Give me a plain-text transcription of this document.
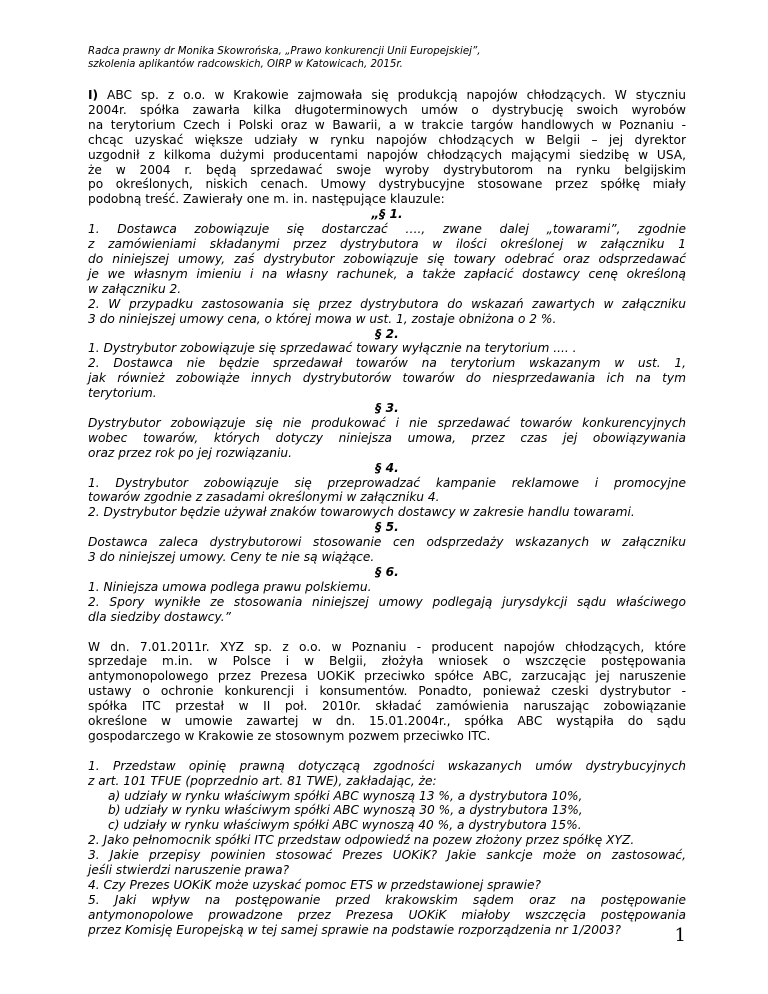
Radca prawny dr Monika Skowrońska, „Prawo konkurencji Unii Europejskiej”,
szkolenia aplikantów radcowskich, OIRP w Katowicach, 2015r.
I) ABC sp. z o.o. w Krakowie zajmowała się produkcją napojów chłodzących. W styczniu
2004r. spółka zawarła kilka długoterminowych umów o dystrybucję swoich wyrobów
na terytorium Czech i Polski oraz w Bawarii, a w trakcie targów handlowych w Poznaniu -
chcąc uzyskać większe udziały w rynku napojów chłodzących w Belgii – jej dyrektor
uzgodnił z kilkoma dużymi producentami napojów chłodzących mającymi siedzibę w USA,
że w 2004 r. będą sprzedawać swoje wyroby dystrybutorom na rynku belgijskim
po określonych, niskich cenach. Umowy dystrybucyjne stosowane przez spółkę miały
podobną treść. Zawierały one m. in. następujące klauzule:
„§ 1.
1. Dostawca zobowiązuje się dostarczać …., zwane dalej „towarami”, zgodnie
z zamówieniami składanymi przez dystrybutora w ilości określonej w załączniku 1
do niniejszej umowy, zaś dystrybutor zobowiązuje się towary odebrać oraz odsprzedawać
je we własnym imieniu i na własny rachunek, a także zapłacić dostawcy cenę określoną
w załączniku 2.
2. W przypadku zastosowania się przez dystrybutora do wskazań zawartych w załączniku
3 do niniejszej umowy cena, o której mowa w ust. 1, zostaje obniżona o 2 %.
§ 2.
1. Dystrybutor zobowiązuje się sprzedawać towary wyłącznie na terytorium .... .
2. Dostawca nie będzie sprzedawał towarów na terytorium wskazanym w ust. 1,
jak również zobowiąże innych dystrybutorów towarów do niesprzedawania ich na tym
terytorium.
§ 3.
Dystrybutor zobowiązuje się nie produkować i nie sprzedawać towarów konkurencyjnych
wobec towarów, których dotyczy niniejsza umowa, przez czas jej obowiązywania
oraz przez rok po jej rozwiązaniu.
§ 4.
1. Dystrybutor zobowiązuje się przeprowadzać kampanie reklamowe i promocyjne
towarów zgodnie z zasadami określonymi w załączniku 4.
2. Dystrybutor będzie używał znaków towarowych dostawcy w zakresie handlu towarami.
§ 5.
Dostawca zaleca dystrybutorowi stosowanie cen odsprzedaży wskazanych w załączniku
3 do niniejszej umowy. Ceny te nie są wiążące.
§ 6.
1. Niniejsza umowa podlega prawu polskiemu.
2. Spory wynikłe ze stosowania niniejszej umowy podlegają jurysdykcji sądu właściwego
dla siedziby dostawcy.”
W dn. 7.01.2011r. XYZ sp. z o.o. w Poznaniu - producent napojów chłodzących, które
sprzedaje m.in. w Polsce i w Belgii, złożyła wniosek o wszczęcie postępowania
antymonopolowego przez Prezesa UOKiK przeciwko spółce ABC, zarzucając jej naruszenie
ustawy o ochronie konkurencji i konsumentów. Ponadto, ponieważ czeski dystrybutor -
spółka ITC przestał w II poł. 2010r. składać zamówienia naruszając zobowiązanie
określone w umowie zawartej w dn. 15.01.2004r., spółka ABC wystąpiła do sądu
gospodarczego w Krakowie ze stosownym pozwem przeciwko ITC.
1. Przedstaw opinię prawną dotyczącą zgodności wskazanych umów dystrybucyjnych
z art. 101 TFUE (poprzednio art. 81 TWE), zakładając, że:
a) udziały w rynku właściwym spółki ABC wynoszą 13 %, a dystrybutora 10%,
b) udziały w rynku właściwym spółki ABC wynoszą 30 %, a dystrybutora 13%,
c) udziały w rynku właściwym spółki ABC wynoszą 40 %, a dystrybutora 15%.
2. Jako pełnomocnik spółki ITC przedstaw odpowiedź na pozew złożony przez spółkę XYZ.
3. Jakie przepisy powinien stosować Prezes UOKiK? Jakie sankcje może on zastosować,
jeśli stwierdzi naruszenie prawa?
4. Czy Prezes UOKiK może uzyskać pomoc ETS w przedstawionej sprawie?
5. Jaki wpływ na postępowanie przed krakowskim sądem oraz na postępowanie
antymonopolowe prowadzone przez Prezesa UOKiK miałoby wszczęcia postępowania
przez Komisję Europejską w tej samej sprawie na podstawie rozporządzenia nr 1/2003?	1
